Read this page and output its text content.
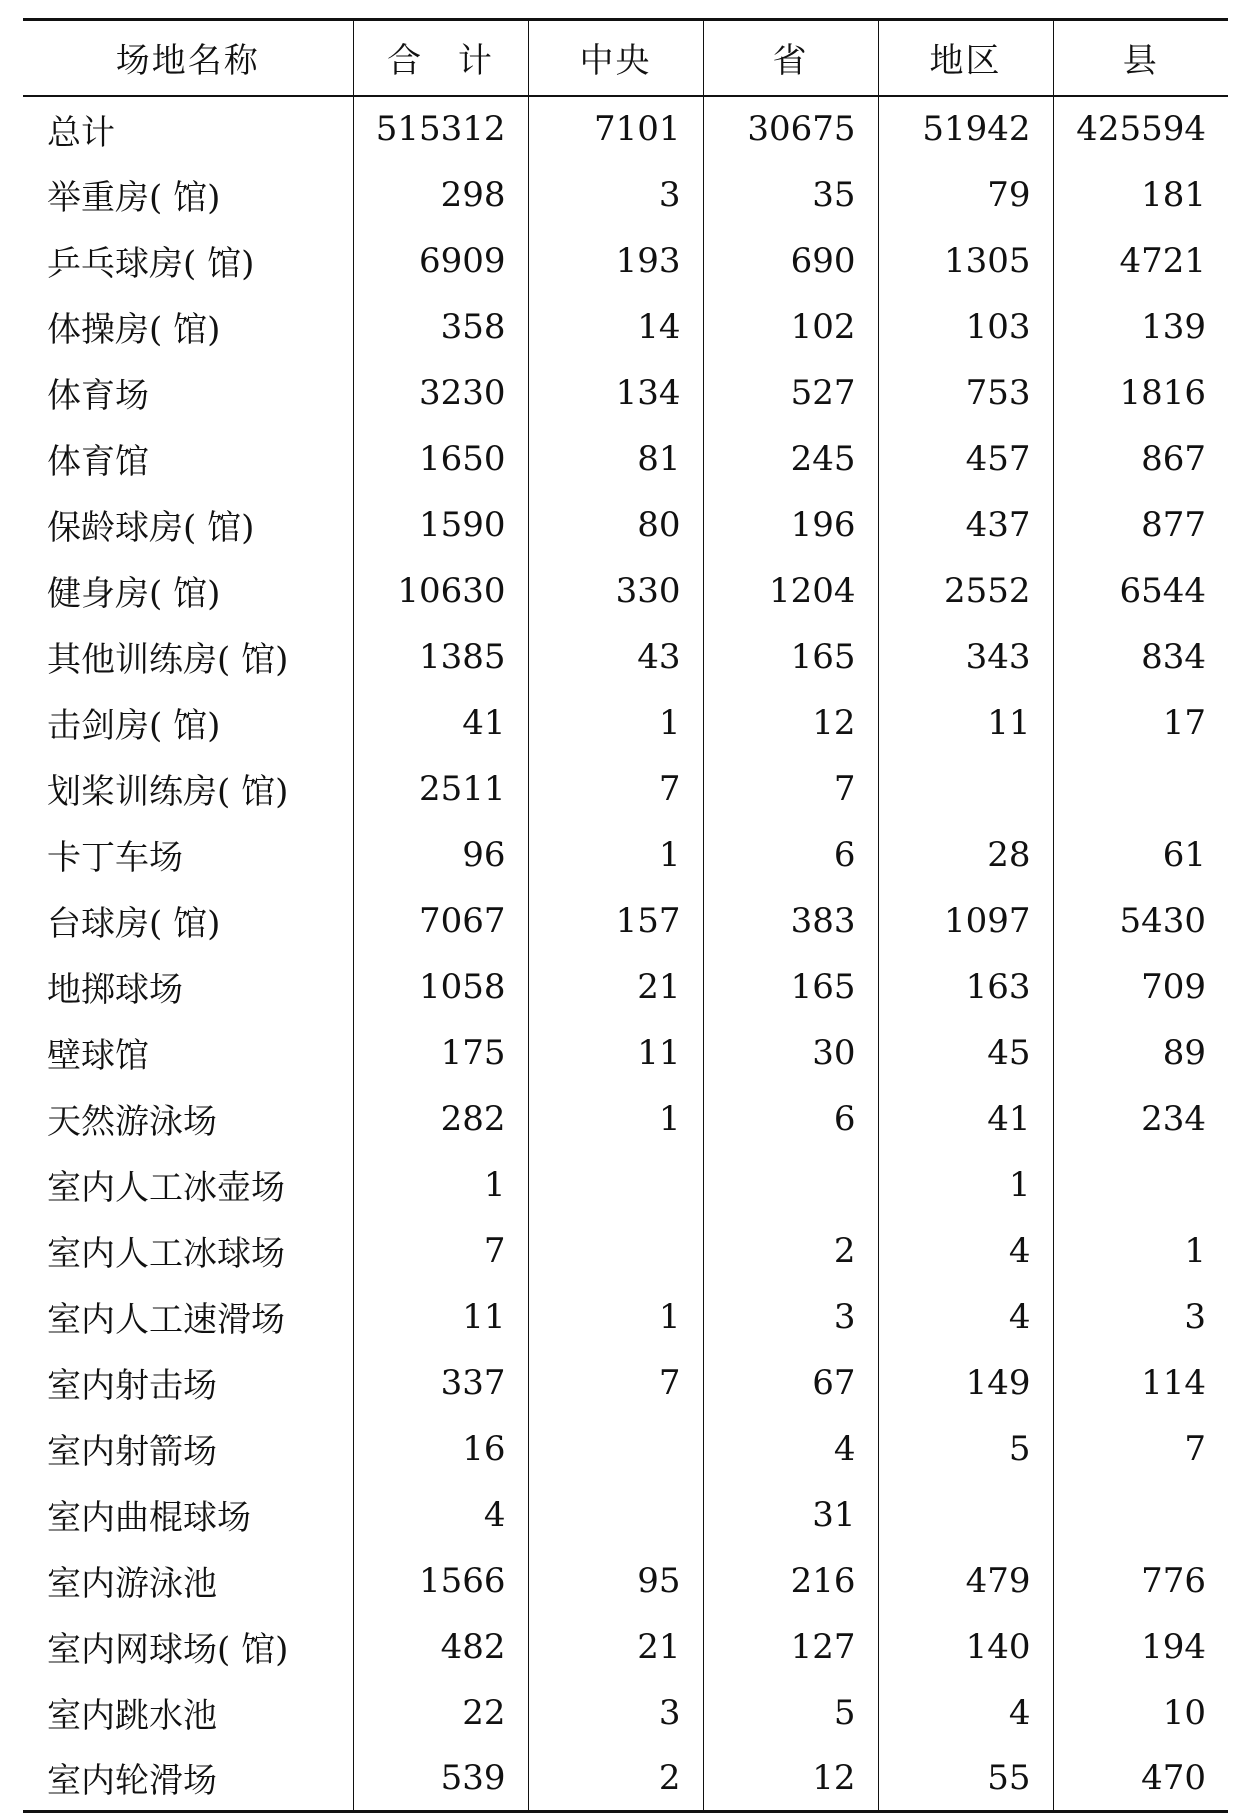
场地名称	合 计	中央	省	地区	县
总计	515312	7101	30675	51942	425594
举重房( 馆)	298	3	35	79	181
乒乓球房( 馆)	6909	193	690	1305	4721
体操房( 馆)	358	14	102	103	139
体育场	3230	134	527	753	1816
体育馆	1650	81	245	457	867
保龄球房( 馆)	1590	80	196	437	877
健身房( 馆)	10630	330	1204	2552	6544
其他训练房( 馆)	1385	43	165	343	834
击剑房( 馆)	41	1	12	11	17
划桨训练房( 馆)	2511	7	7		
卡丁车场	96	1	6	28	61
台球房( 馆)	7067	157	383	1097	5430
地掷球场	1058	21	165	163	709
壁球馆	175	11	30	45	89
天然游泳场	282	1	6	41	234
室内人工冰壶场	1			1	
室内人工冰球场	7		2	4	1
室内人工速滑场	11	1	3	4	3
室内射击场	337	7	67	149	114
室内射箭场	16		4	5	7
室内曲棍球场	4		31		
室内游泳池	1566	95	216	479	776
室内网球场( 馆)	482	21	127	140	194
室内跳水池	22	3	5	4	10
室内轮滑场	539	2	12	55	470
